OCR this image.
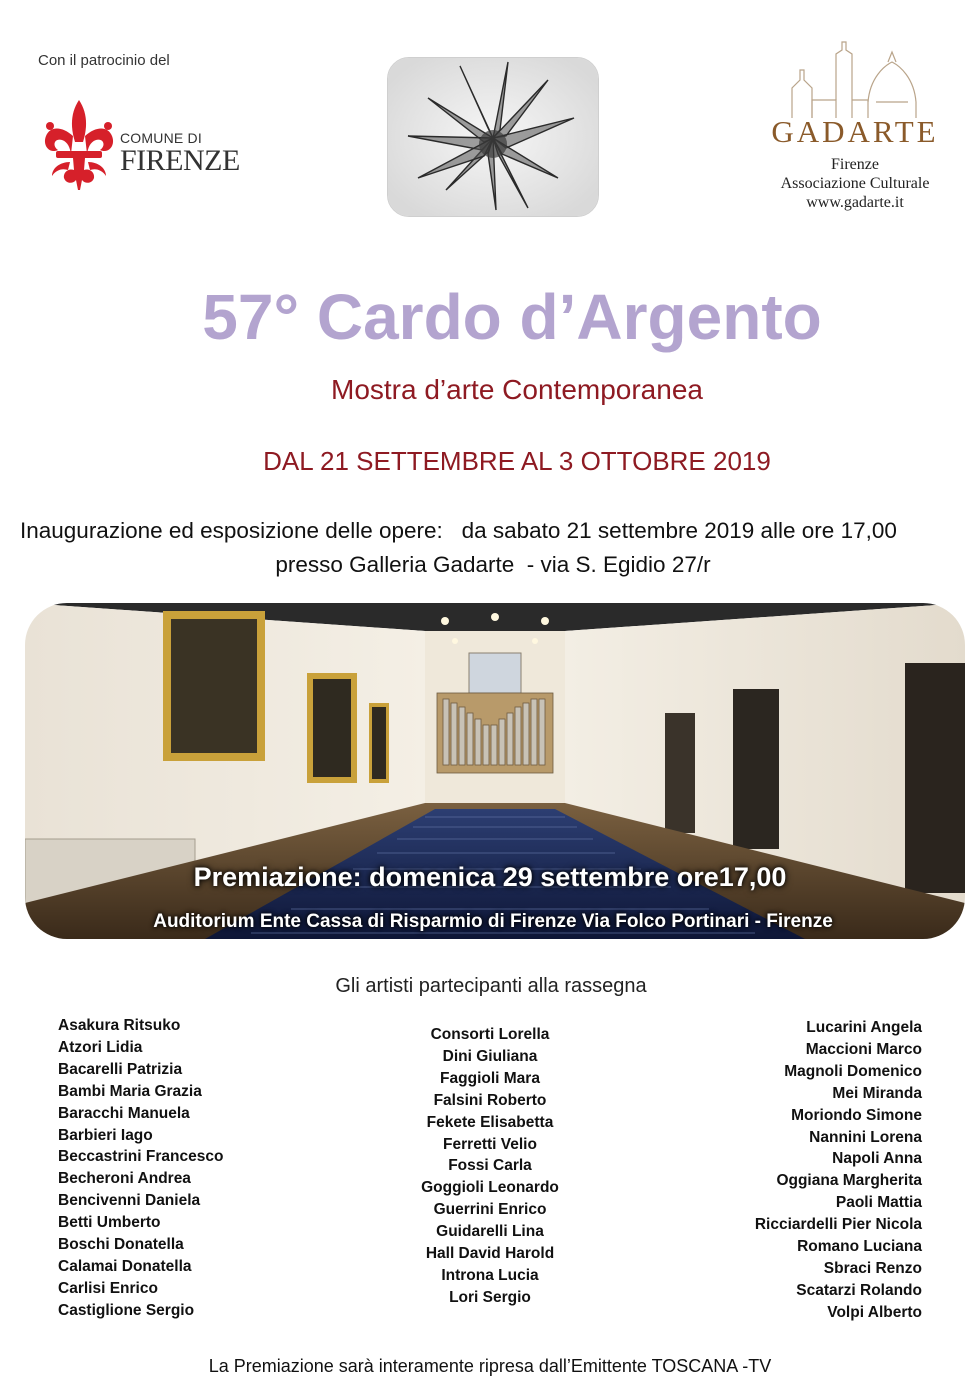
Con il patrocinio del
COMUNE DI
FIRENZE
GADARTE
Firenze
Associazione Culturale
www.gadarte.it
57° Cardo d’Argento
Mostra d’arte Contemporanea
DAL 21 SETTEMBRE AL 3 OTTOBRE 2019
Inaugurazione ed esposizione delle opere:   da sabato 21 settembre 2019 alle ore 17,00
presso Galleria Gadarte  - via S. Egidio 27/r
Premiazione: domenica 29 settembre ore17,00
Auditorium Ente Cassa di Risparmio di Firenze Via Folco Portinari - Firenze
Gli artisti partecipanti alla rassegna
Asakura Ritsuko
Atzori Lidia
Bacarelli Patrizia
Bambi Maria Grazia
Baracchi Manuela
Barbieri Iago
Beccastrini Francesco
Becheroni Andrea
Bencivenni Daniela
Betti Umberto
Boschi Donatella
Calamai Donatella
Carlisi Enrico
Castiglione Sergio
Consorti Lorella
Dini Giuliana
Faggioli Mara
Falsini Roberto
Fekete Elisabetta
Ferretti Velio
Fossi Carla
Goggioli Leonardo
Guerrini Enrico
Guidarelli Lina
Hall David Harold
Introna Lucia
Lori Sergio
Lucarini Angela
Maccioni Marco
Magnoli Domenico
Mei Miranda
Moriondo Simone
Nannini Lorena
Napoli Anna
Oggiana Margherita
Paoli Mattia
Ricciardelli Pier Nicola
Romano Luciana
Sbraci Renzo
Scatarzi Rolando
Volpi Alberto
La Premiazione sarà interamente ripresa dall’Emittente TOSCANA -TV
